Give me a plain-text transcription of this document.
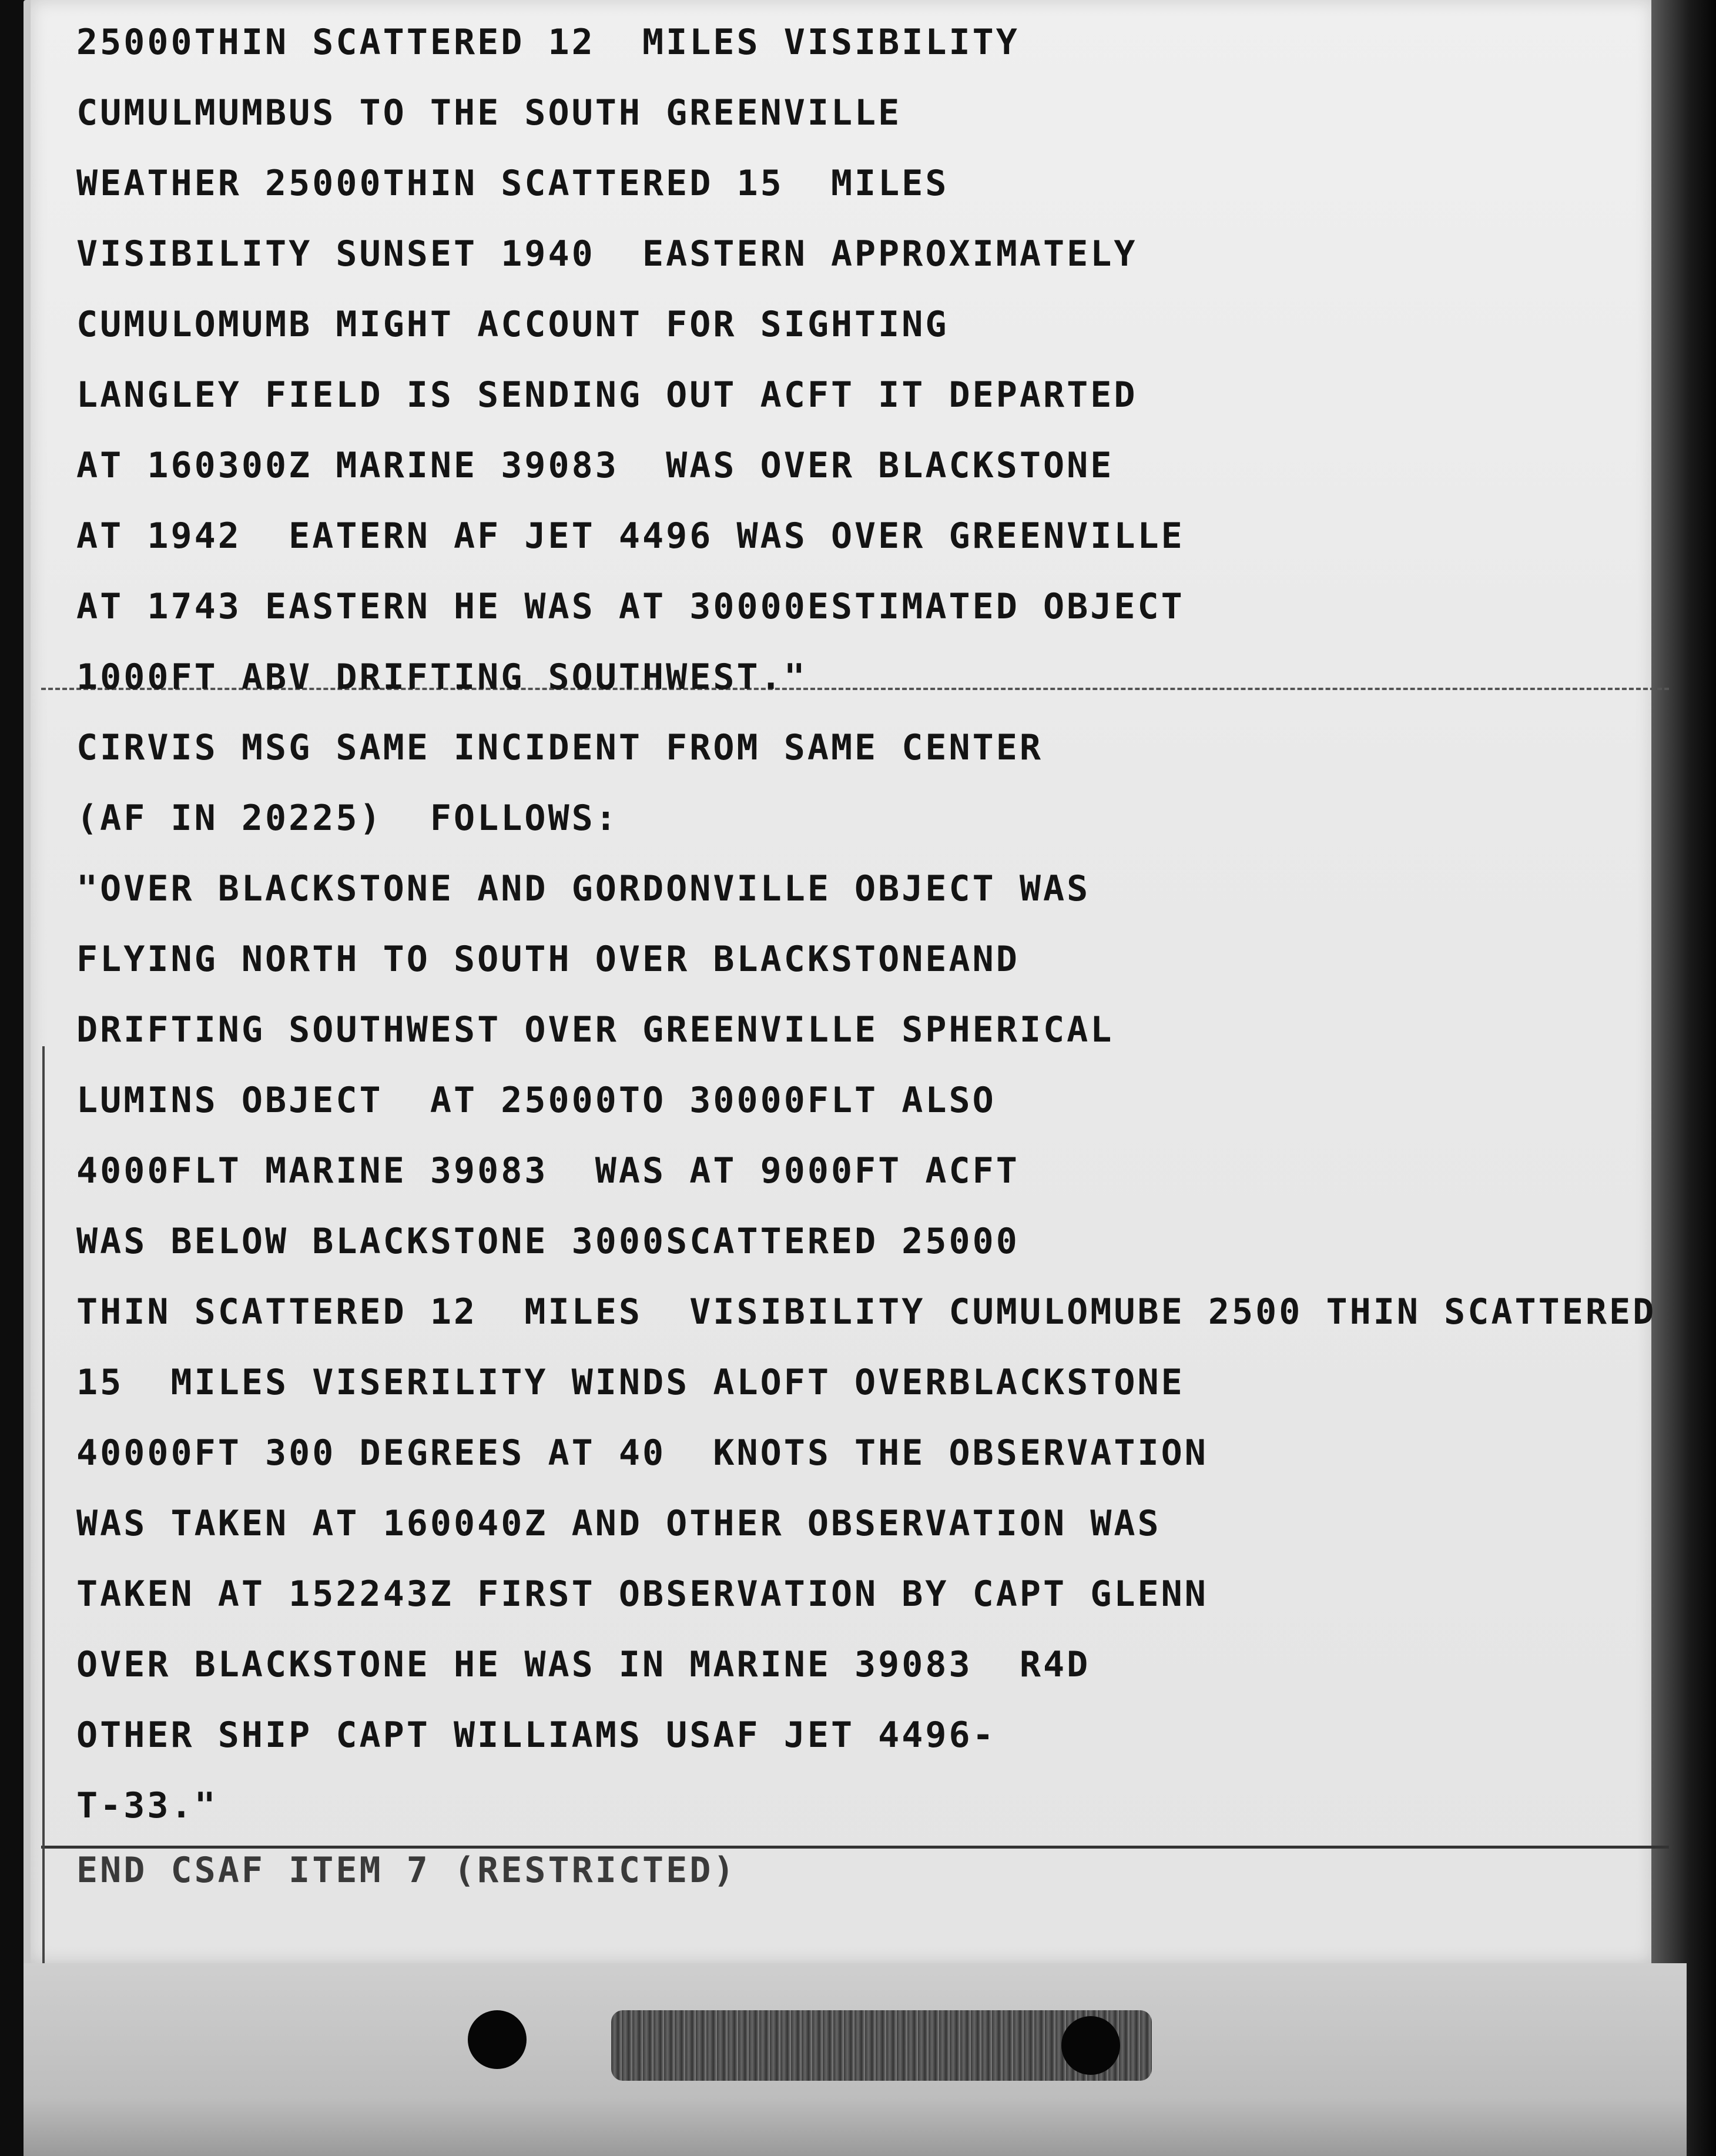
25000THIN SCATTERED 12  MILES VISIBILITY
CUMULMUMBUS TO THE SOUTH GREENVILLE
WEATHER 25000THIN SCATTERED 15  MILES
VISIBILITY SUNSET 1940  EASTERN APPROXIMATELY
CUMULOMUMB MIGHT ACCOUNT FOR SIGHTING
LANGLEY FIELD IS SENDING OUT ACFT IT DEPARTED
AT 160300Z MARINE 39083  WAS OVER BLACKSTONE
AT 1942  EATERN AF JET 4496 WAS OVER GREENVILLE
AT 1743 EASTERN HE WAS AT 30000ESTIMATED OBJECT
1000FT ABV DRIFTING SOUTHWEST."
CIRVIS MSG SAME INCIDENT FROM SAME CENTER
(AF IN 20225)  FOLLOWS:
"OVER BLACKSTONE AND GORDONVILLE OBJECT WAS
FLYING NORTH TO SOUTH OVER BLACKSTONEAND
DRIFTING SOUTHWEST OVER GREENVILLE SPHERICAL
LUMINS OBJECT  AT 25000TO 30000FLT ALSO
4000FLT MARINE 39083  WAS AT 9000FT ACFT
WAS BELOW BLACKSTONE 3000SCATTERED 25000
THIN SCATTERED 12  MILES  VISIBILITY CUMULOMUBE 2500 THIN SCATTERED
15  MILES VISERILITY WINDS ALOFT OVERBLACKSTONE
40000FT 300 DEGREES AT 40  KNOTS THE OBSERVATION
WAS TAKEN AT 160040Z AND OTHER OBSERVATION WAS
TAKEN AT 152243Z FIRST OBSERVATION BY CAPT GLENN
OVER BLACKSTONE HE WAS IN MARINE 39083  R4D
OTHER SHIP CAPT WILLIAMS USAF JET 4496-
T-33."
END CSAF ITEM 7 (RESTRICTED)
